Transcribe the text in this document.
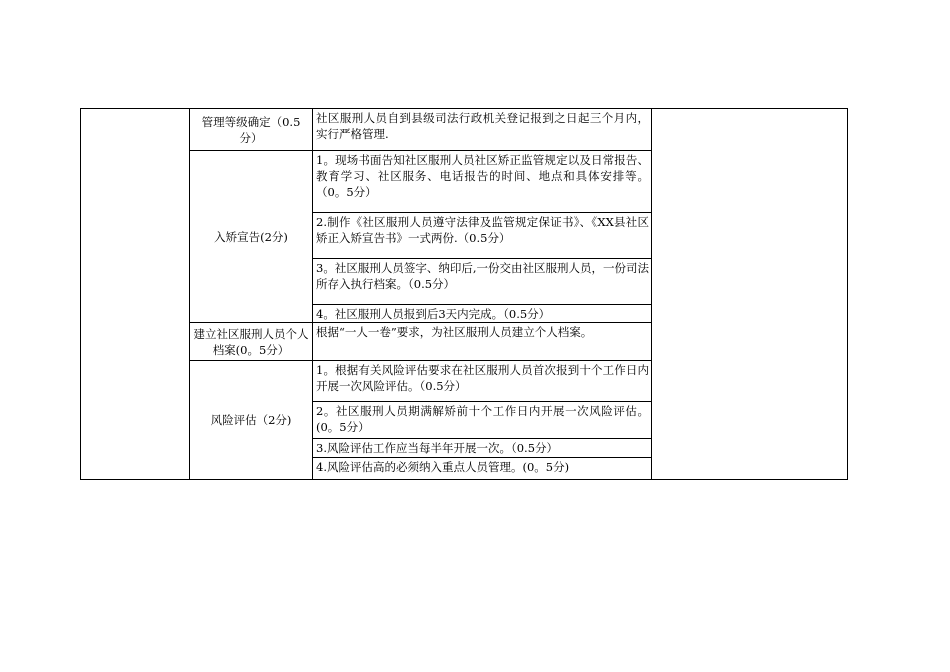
管理等级确定（0.5分）
社区服刑人员自到县级司法行政机关登记报到之日起三个月内，实行严格管理.
入矫宣告(2分)
1。现场书面告知社区服刑人员社区矫正监管规定以及日常报告、教育学习、社区服务、电话报告的时间、地点和具体安排等。（0。5分）
2.制作《社区服刑人员遵守法律及监管规定保证书》、《XX县社区矫正入矫宣告书》一式两份.（0.5分）
3。社区服刑人员签字、纳印后,一份交由社区服刑人员，一份司法所存入执行档案。（0.5分）
4。社区服刑人员报到后3天内完成。（0.5分）
建立社区服刑人员个人档案(0。5分）
根据“一人一卷”要求，为社区服刑人员建立个人档案。
风险评估（2分)
1。根据有关风险评估要求在社区服刑人员首次报到十个工作日内开展一次风险评估。（0.5分）
2。社区服刑人员期满解矫前十个工作日内开展一次风险评估。(0。5分）
3.风险评估工作应当每半年开展一次。（0.5分）
4.风险评估高的必须纳入重点人员管理。(0。5分)
